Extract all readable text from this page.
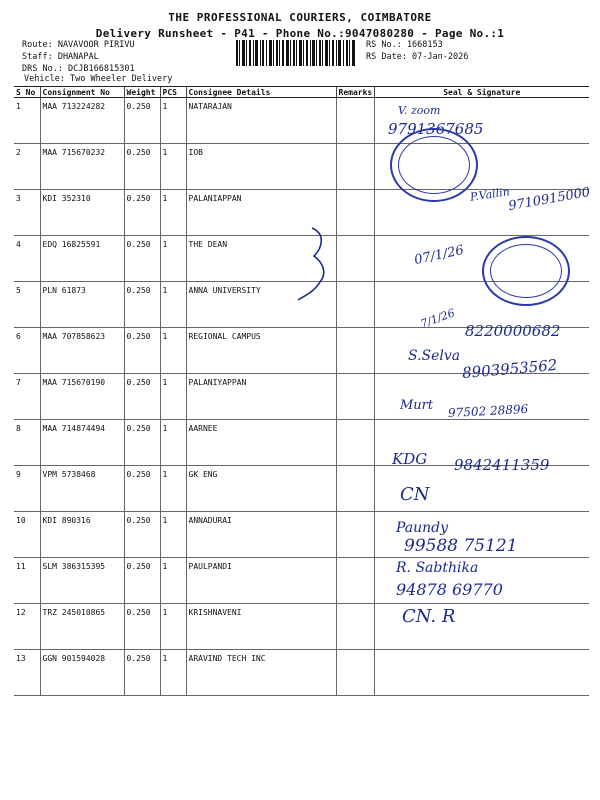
THE PROFESSIONAL COURIERS, COIMBATORE
Delivery Runsheet - P41 - Phone No.:9047080280 - Page No.:1
Route: NAVAVOOR PIRIVU
Staff: DHANAPAL
DRS No.: DCJB166815301
Vehicle: Two Wheeler Delivery
RS No.: 1668153
RS Date: 07-Jan-2026
S No	Consignment No	Weight	PCS	Consignee Details	Remarks	Seal & Signature
1	MAA 713224282	0.250	1	NATARAJAN		
2	MAA 715670232	0.250	1	IOB		
3	KDI 352310	0.250	1	PALANIAPPAN		
4	EDQ 16825591	0.250	1	THE DEAN		
5	PLN 61873	0.250	1	ANNA UNIVERSITY		
6	MAA 707858623	0.250	1	REGIONAL CAMPUS		
7	MAA 715670190	0.250	1	PALANIYAPPAN		
8	MAA 714874494	0.250	1	AARNEE		
9	VPM 5738468	0.250	1	GK ENG		
10	KDI 890316	0.250	1	ANNADURAI		
11	SLM 386315395	0.250	1	PAULPANDI		
12	TRZ 245010865	0.250	1	KRISHNAVENI		
13	GGN 901594028	0.250	1	ARAVIND TECH INC		
V. zoom
9791367685
P.Vallin
9710915000
07/1/26
7/1/26
8220000682
S.Selva 8903953562
Murt 97502 28896
KDG 9842411359
CN
Paundy
99588 75121
R. Sabthika
94878 69770
CN. R
